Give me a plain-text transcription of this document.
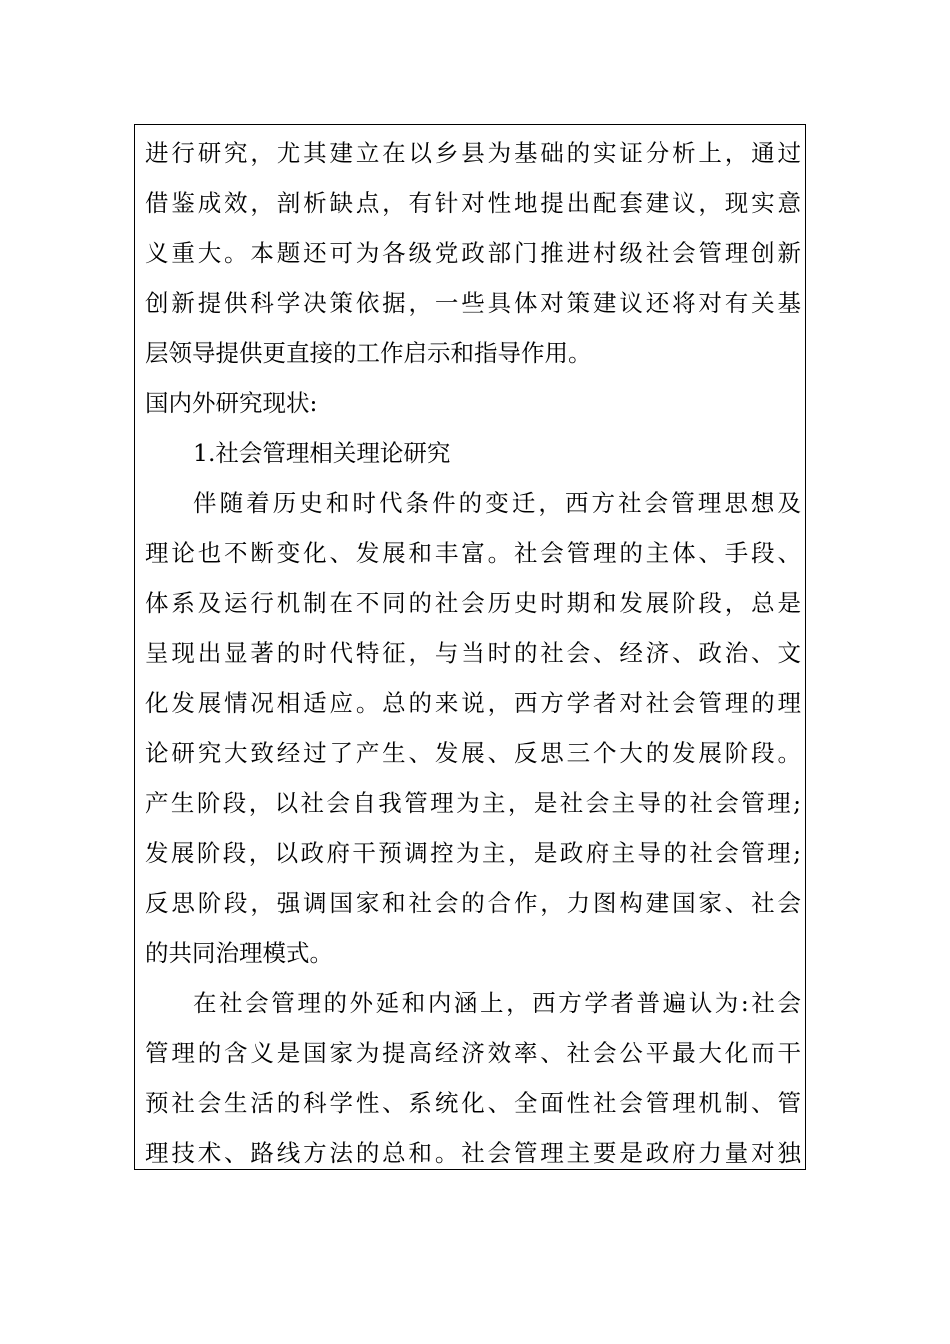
进行研究，尤其建立在以乡县为基础的实证分析上，通过
借鉴成效，剖析缺点，有针对性地提出配套建议，现实意
义重大。本题还可为各级党政部门推进村级社会管理创新
创新提供科学决策依据，一些具体对策建议还将对有关基
层领导提供更直接的工作启示和指导作用。
国内外研究现状:
1.社会管理相关理论研究
伴随着历史和时代条件的变迁，西方社会管理思想及
理论也不断变化、发展和丰富。社会管理的主体、手段、
体系及运行机制在不同的社会历史时期和发展阶段，总是
呈现出显著的时代特征，与当时的社会、经济、政治、文
化发展情况相适应。总的来说，西方学者对社会管理的理
论研究大致经过了产生、发展、反思三个大的发展阶段。
产生阶段，以社会自我管理为主，是社会主导的社会管理;
发展阶段，以政府干预调控为主，是政府主导的社会管理;
反思阶段，强调国家和社会的合作，力图构建国家、社会
的共同治理模式。
在社会管理的外延和内涵上，西方学者普遍认为:社会
管理的含义是国家为提高经济效率、社会公平最大化而干
预社会生活的科学性、系统化、全面性社会管理机制、管
理技术、路线方法的总和。社会管理主要是政府力量对独
